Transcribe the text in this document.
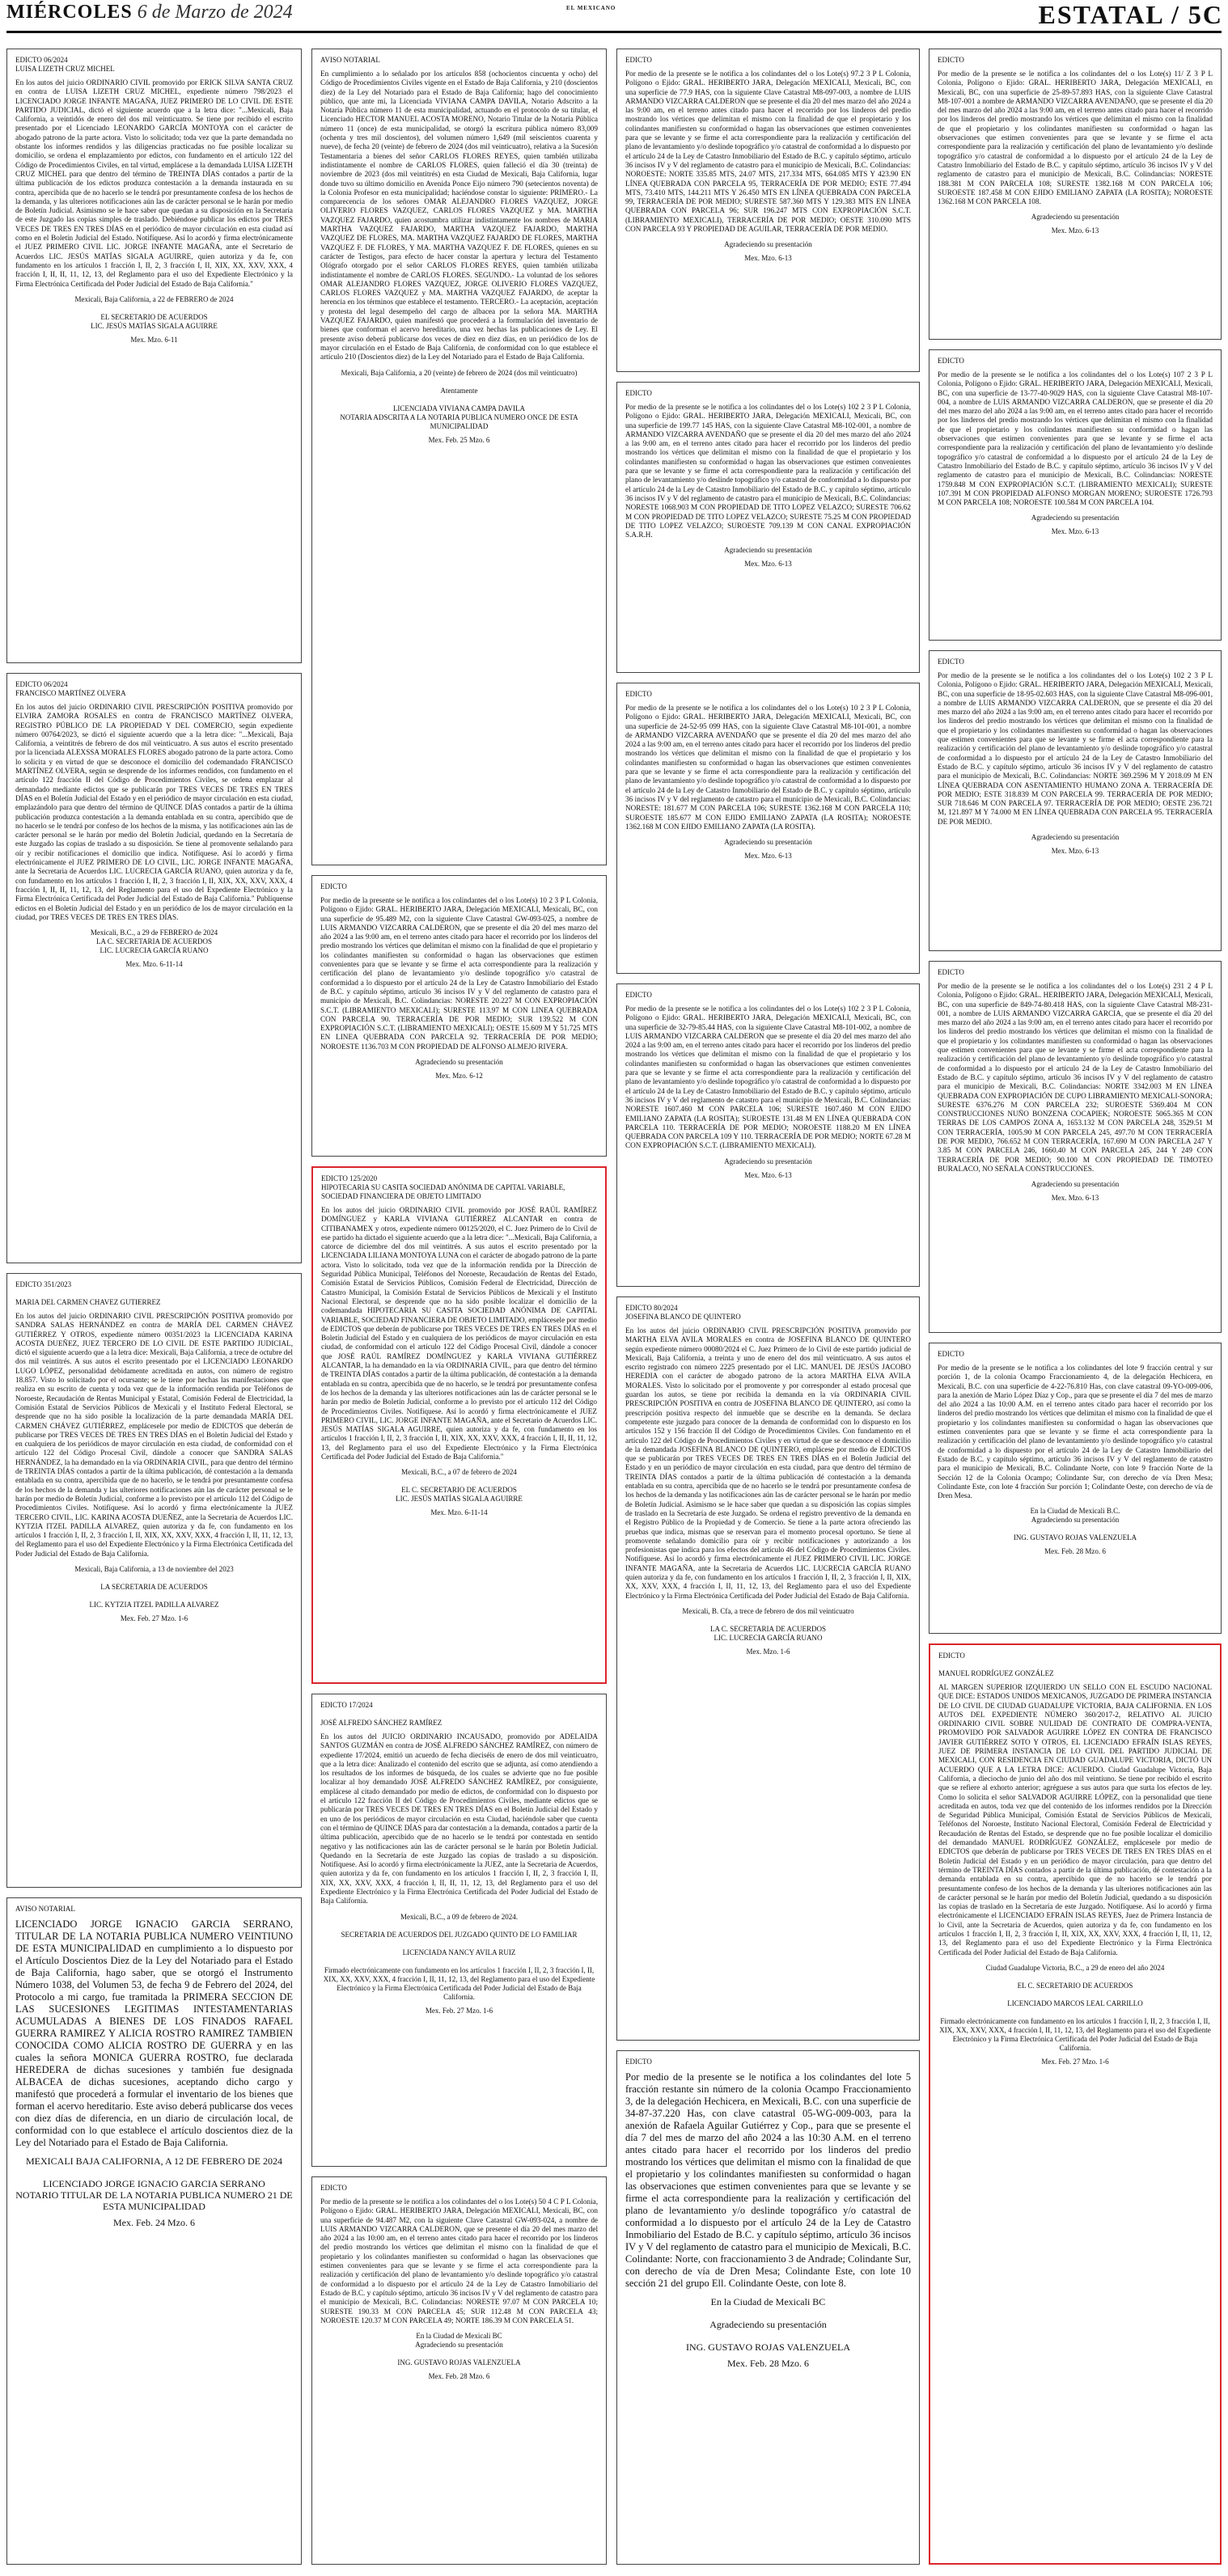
MIÉRCOLES 6 de Marzo de 2024	EL MEXICANO	ESTATAL / 5C
EDICTO 06/2024
LUISA LIZETH CRUZ MICHEL
En los autos del juicio ORDINARIO CIVIL promovido por ERICK SILVA SANTA CRUZ en contra de LUISA LIZETH CRUZ MICHEL, expediente número 798/2023 el LICENCIADO JORGE INFANTE MAGAÑA, JUEZ PRIMERO DE LO CIVIL DE ESTE PARTIDO JUDICIAL, dictó el siguiente acuerdo que a la letra dice: "...Mexicali, Baja California, a veintidós de enero del dos mil veinticuatro. Se tiene por recibido el escrito presentado por el Licenciado LEONARDO GARCÍA MONTOYA con el carácter de abogado patrono de la parte actora. Visto lo solicitado; toda vez que la parte demandada no obstante los informes rendidos y las diligencias practicadas no fue posible localizar su domicilio, se ordena el emplazamiento por edictos, con fundamento en el artículo 122 del Código de Procedimientos Civiles, en tal virtud, emplácese a la demandada LUISA LIZETH CRUZ MICHEL para que dentro del término de TREINTA DÍAS contados a partir de la última publicación de los edictos produzca contestación a la demanda instaurada en su contra, apercibida que de no hacerlo se le tendrá por presuntamente confesa de los hechos de la demanda, y las ulteriores notificaciones aún las de carácter personal se le harán por medio de Boletín Judicial. Asimismo se le hace saber que quedan a su disposición en la Secretaría de este Juzgado las copias simples de traslado. Debiéndose publicar los edictos por TRES VECES DE TRES EN TRES DÍAS en el periódico de mayor circulación en esta ciudad así como en el Boletín Judicial del Estado. Notifíquese. Así lo acordó y firma electrónicamente el JUEZ PRIMERO CIVIL LIC. JORGE INFANTE MAGAÑA, ante el Secretario de Acuerdos LIC. JESÚS MATÍAS SIGALA AGUIRRE, quien autoriza y da fe, con fundamento en los artículos 1 fracción I, II, 2, 3 fracción I, II, XIX, XX, XXV, XXX, 4 fracción I, II, II, 11, 12, 13, del Reglamento para el uso del Expediente Electrónico y la Firma Electrónica Certificada del Poder Judicial del Estado de Baja California."
Mexicali, Baja California, a 22 de FEBRERO de 2024

EL SECRETARIO DE ACUERDOS
LIC. JESÚS MATÍAS SIGALA AGUIRRE
Mex. Mzo. 6-11
EDICTO 06/2024
FRANCISCO MARTÍNEZ OLVERA
En los autos del juicio ORDINARIO CIVIL PRESCRIPCIÓN POSITIVA promovido por ELVIRA ZAMORA ROSALES en contra de FRANCISCO MARTÍNEZ OLVERA, REGISTRO PÚBLICO DE LA PROPIEDAD Y DEL COMERCIO, según expediente número 00764/2023, se dictó el siguiente acuerdo que a la letra dice: "...Mexicali, Baja California, a veintitrés de febrero de dos mil veinticuatro. A sus autos el escrito presentado por la licenciada ALEXSSA MORALES FLORES abogado patrono de la parte actora. Como lo solicita y en virtud de que se desconoce el domicilio del codemandado FRANCISCO MARTÍNEZ OLVERA, según se desprende de los informes rendidos, con fundamento en el artículo 122 fracción II del Código de Procedimientos Civiles, se ordena emplazar al demandado mediante edictos que se publicarán por TRES VECES DE TRES EN TRES DÍAS en el Boletín Judicial del Estado y en el periódico de mayor circulación en esta ciudad, emplazándolo para que dentro del término de QUINCE DÍAS contados a partir de la última publicación produzca contestación a la demanda entablada en su contra, apercibido que de no hacerlo se le tendrá por confeso de los hechos de la misma, y las notificaciones aún las de carácter personal se le harán por medio del Boletín Judicial, quedando en la Secretaría de este Juzgado las copias de traslado a su disposición. Se tiene al promovente señalando para oír y recibir notificaciones el domicilio que indica. Notifíquese. Así lo acordó y firma electrónicamente el JUEZ PRIMERO DE LO CIVIL, LIC. JORGE INFANTE MAGAÑA, ante la Secretaria de Acuerdos LIC. LUCRECIA GARCÍA RUANO, quien autoriza y da fe, con fundamento en los artículos 1 fracción I, II, 2, 3 fracción I, II, XIX, XX, XXV, XXX, 4 fracción I, II, II, 11, 12, 13, del Reglamento para el uso del Expediente Electrónico y la Firma Electrónica Certificada del Poder Judicial del Estado de Baja California." Publíquense edictos en el Boletín Judicial del Estado y en un periódico de los de mayor circulación en la ciudad, por TRES VECES DE TRES EN TRES DÍAS.
Mexicali, B.C., a 29 de FEBRERO de 2024
LA C. SECRETARIA DE ACUERDOS
LIC. LUCRECIA GARCÍA RUANO
Mex. Mzo. 6-11-14
EDICTO 351/2023

MARIA DEL CARMEN CHAVEZ GUTIERREZ
En los autos del juicio ORDINARIO CIVIL PRESCRIPCIÓN POSITIVA promovido por SANDRA SALAS HERNÁNDEZ en contra de MARÍA DEL CARMEN CHÁVEZ GUTIÉRREZ Y OTROS, expediente número 00351/2023 la LICENCIADA KARINA ACOSTA DUEÑEZ, JUEZ TERCERO DE LO CIVIL DE ESTE PARTIDO JUDICIAL, dictó el siguiente acuerdo que a la letra dice: Mexicali, Baja California, a trece de octubre del dos mil veintitrés. A sus autos el escrito presentado por el LICENCIADO LEONARDO LUGO LÓPEZ, personalidad debidamente acreditada en autos, con número de registro 18.857. Visto lo solicitado por el ocursante; se le tiene por hechas las manifestaciones que realiza en su escrito de cuenta y toda vez que de la información rendida por Teléfonos de Noroeste, Recaudación de Rentas Municipal y Estatal, Comisión Federal de Electricidad, la Comisión Estatal de Servicios Públicos de Mexicali y el Instituto Federal Electoral, se desprende que no ha sido posible la localización de la parte demandada MARÍA DEL CARMEN CHÁVEZ GUTIÉRREZ, emplácesele por medio de EDICTOS que deberán de publicarse por TRES VECES DE TRES EN TRES DÍAS en el Boletín Judicial del Estado y en cualquiera de los periódicos de mayor circulación en esta ciudad, de conformidad con el artículo 122 del Código Procesal Civil, dándole a conocer que SANDRA SALAS HERNÁNDEZ, la ha demandado en la vía ORDINARIA CIVIL, para que dentro del término de TREINTA DÍAS contados a partir de la última publicación, dé contestación a la demanda entablada en su contra, apercibida que de no hacerlo, se le tendrá por presuntamente confesa de los hechos de la demanda y las ulteriores notificaciones aún las de carácter personal se le harán por medio de Boletín Judicial, conforme a lo previsto por el artículo 112 del Código de Procedimientos Civiles. Notifíquese. Así lo acordó y firma electrónicamente la JUEZ TERCERO CIVIL, LIC. KARINA ACOSTA DUEÑEZ, ante la Secretaria de Acuerdos LIC. KYTZIA ITZEL PADILLA ALVAREZ, quien autoriza y da fe, con fundamento en los artículos 1 fracción I, II, 2, 3 fracción I, II, XIX, XX, XXV, XXX, 4 fracción I, II, 11, 12, 13, del Reglamento para el uso del Expediente Electrónico y la Firma Electrónica Certificada del Poder Judicial del Estado de Baja California.
Mexicali, Baja California, a 13 de noviembre del 2023

LA SECRETARIA DE ACUERDOS

LIC. KYTZIA ITZEL PADILLA ALVAREZ
Mex. Feb. 27 Mzo. 1-6
AVISO NOTARIAL
LICENCIADO JORGE IGNACIO GARCIA SERRANO, TITULAR DE LA NOTARIA PUBLICA NUMERO VEINTIUNO DE ESTA MUNICIPALIDAD en cumplimiento a lo dispuesto por el Artículo Doscientos Diez de la Ley del Notariado para el Estado de Baja California, hago saber, que se otorgó el Instrumento Número 1038, del Volumen 53, de fecha 9 de Febrero del 2024, del Protocolo a mi cargo, fue tramitada la PRIMERA SECCION DE LAS SUCESIONES LEGITIMAS INTESTAMENTARIAS ACUMULADAS A BIENES DE LOS FINADOS RAFAEL GUERRA RAMIREZ Y ALICIA ROSTRO RAMIREZ TAMBIEN CONOCIDA COMO ALICIA ROSTRO DE GUERRA y en las cuales la señora MONICA GUERRA ROSTRO, fue declarada HEREDERA de dichas sucesiones y también fue designada ALBACEA de dichas sucesiones, aceptando dicho cargo y manifestó que procederá a formular el inventario de los bienes que forman el acervo hereditario. Este aviso deberá publicarse dos veces con diez días de diferencia, en un diario de circulación local, de conformidad con lo que establece el artículo doscientos diez de la Ley del Notariado para el Estado de Baja California.
MEXICALI BAJA CALIFORNIA, A 12 DE FEBRERO DE 2024

LICENCIADO JORGE IGNACIO GARCIA SERRANO
NOTARIO TITULAR DE LA NOTARIA PUBLICA NUMERO 21 DE ESTA MUNICIPALIDAD
Mex. Feb. 24 Mzo. 6
AVISO NOTARIAL
En cumplimiento a lo señalado por los artículos 858 (ochocientos cincuenta y ocho) del Código de Procedimientos Civiles vigente en el Estado de Baja California, y 210 (doscientos diez) de la Ley del Notariado para el Estado de Baja California; hago del conocimiento público, que ante mí, la Licenciada VIVIANA CAMPA DAVILA, Notario Adscrito a la Notaría Pública número 11 de esta municipalidad, actuando en el protocolo de su titular, el Licenciado HECTOR MANUEL ACOSTA MORENO, Notario Titular de la Notaría Pública número 11 (once) de esta municipalidad, se otorgó la escritura pública número 83,009 (ochenta y tres mil doscientos), del volumen número 1,649 (mil seiscientos cuarenta y nueve), de fecha 20 (veinte) de febrero de 2024 (dos mil veinticuatro), relativa a la Sucesión Testamentaria a bienes del señor CARLOS FLORES REYES, quien también utilizaba indistintamente el nombre de CARLOS FLORES, quien falleció el día 30 (treinta) de noviembre de 2023 (dos mil veintitrés) en esta Ciudad de Mexicali, Baja California, lugar donde tuvo su último domicilio en Avenida Ponce Eijo número 790 (setecientos noventa) de la Colonia Profesor en esta municipalidad; haciéndose constar lo siguiente: PRIMERO.- La comparecencia de los señores OMAR ALEJANDRO FLORES VAZQUEZ, JORGE OLIVERIO FLORES VAZQUEZ, CARLOS FLORES VAZQUEZ y MA. MARTHA VAZQUEZ FAJARDO, quien acostumbra utilizar indistintamente los nombres de MARIA MARTHA VAZQUEZ FAJARDO, MARTHA VAZQUEZ FAJARDO, MARTHA VAZQUEZ DE FLORES, MA. MARTHA VAZQUEZ FAJARDO DE FLORES, MARTHA VAZQUEZ F. DE FLORES, Y MA. MARTHA VAZQUEZ F. DE FLORES, quienes en su carácter de Testigos, para efecto de hacer constar la apertura y lectura del Testamento Ológrafo otorgado por el señor CARLOS FLORES REYES, quien también utilizaba indistintamente el nombre de CARLOS FLORES. SEGUNDO.- La voluntad de los señores OMAR ALEJANDRO FLORES VAZQUEZ, JORGE OLIVERIO FLORES VAZQUEZ, CARLOS FLORES VAZQUEZ y MA. MARTHA VAZQUEZ FAJARDO, de aceptar la herencia en los términos que establece el testamento. TERCERO.- La aceptación, aceptación y protesta del legal desempeño del cargo de albacea por la señora MA. MARTHA VAZQUEZ FAJARDO, quien manifestó que procederá a la formulación del inventario de bienes que conforman el acervo hereditario, una vez hechas las publicaciones de Ley. El presente aviso deberá publicarse dos veces de diez en diez días, en un periódico de los de mayor circulación en el Estado de Baja California, de conformidad con lo que establece el artículo 210 (Doscientos diez) de la Ley del Notariado para el Estado de Baja California.
Mexicali, Baja California, a 20 (veinte) de febrero de 2024 (dos mil veinticuatro)

Atentamente

LICENCIADA VIVIANA CAMPA DAVILA
NOTARIA ADSCRITA A LA NOTARIA PUBLICA NUMERO ONCE DE ESTA MUNICIPALIDAD
Mex. Feb. 25 Mzo. 6
EDICTO
Por medio de la presente se le notifica a los colindantes del o los Lote(s) 10 2 3 P L Colonia, Polígono o Ejido: GRAL. HERIBERTO JARA, Delegación MEXICALI, Mexicali, BC, con una superficie de 95.489 M2, con la siguiente Clave Catastral GW-093-025, a nombre de LUIS ARMANDO VIZCARRA CALDERON, que se presente el día 20 del mes marzo del año 2024 a las 9:00 am, en el terreno antes citado para hacer el recorrido por los linderos del predio mostrando los vértices que delimitan el mismo con la finalidad de que el propietario y los colindantes manifiesten su conformidad o hagan las observaciones que estimen convenientes para que se levante y se firme el acta correspondiente para la realización y certificación del plano de levantamiento y/o deslinde topográfico y/o catastral de conformidad a lo dispuesto por el artículo 24 de la Ley de Catastro Inmobiliario del Estado de B.C. y capítulo séptimo, artículo 36 incisos IV y V del reglamento de catastro para el municipio de Mexicali, B.C. Colindancias: NORESTE 20.227 M CON EXPROPIACIÓN S.C.T. (LIBRAMIENTO MEXICALI); SURESTE 113.97 M CON LINEA QUEBRADA CON PARCELA 90. TERRACERÍA DE POR MEDIO; SUR 139.522 M CON EXPROPIACIÓN S.C.T. (LIBRAMIENTO MEXICALI); OESTE 15.609 M Y 51.725 MTS EN LINEA QUEBRADA CON PARCELA 92. TERRACERÍA DE POR MEDIO; NOROESTE 1136.703 M CON PROPIEDAD DE ALFONSO ALMEJO RIVERA.
Agradeciendo su presentación
Mex. Mzo. 6-12
EDICTO 125/2020
HIPOTECARIA SU CASITA SOCIEDAD ANÓNIMA DE CAPITAL VARIABLE, SOCIEDAD FINANCIERA DE OBJETO LIMITADO
En los autos del juicio ORDINARIO CIVIL promovido por JOSÉ RAÚL RAMÍREZ DOMÍNGUEZ y KARLA VIVIANA GUTIÉRREZ ALCANTAR en contra de CITIBANAMEX y otros, expediente número 00125/2020, el C. Juez Primero de lo Civil de ese partido ha dictado el siguiente acuerdo que a la letra dice: "...Mexicali, Baja California, a catorce de diciembre del dos mil veintitrés. A sus autos el escrito presentado por la LICENCIADA LILIANA MONTOYA LUNA con el carácter de abogado patrono de la parte actora. Visto lo solicitado, toda vez que de la información rendida por la Dirección de Seguridad Pública Municipal, Teléfonos del Noroeste, Recaudación de Rentas del Estado, Comisión Estatal de Servicios Públicos, Comisión Federal de Electricidad, Dirección de Catastro Municipal, la Comisión Estatal de Servicios Públicos de Mexicali y el Instituto Nacional Electoral, se desprende que no ha sido posible localizar el domicilio de la codemandada HIPOTECARIA SU CASITA SOCIEDAD ANÓNIMA DE CAPITAL VARIABLE, SOCIEDAD FINANCIERA DE OBJETO LIMITADO, emplácesele por medio de EDICTOS que deberán de publicarse por TRES VECES DE TRES EN TRES DÍAS en el Boletín Judicial del Estado y en cualquiera de los periódicos de mayor circulación en esta ciudad, de conformidad con el artículo 122 del Código Procesal Civil, dándole a conocer que JOSÉ RAÚL RAMÍREZ DOMÍNGUEZ y KARLA VIVIANA GUTIÉRREZ ALCANTAR, la ha demandado en la vía ORDINARIA CIVIL, para que dentro del término de TREINTA DÍAS contados a partir de la última publicación, dé contestación a la demanda entablada en su contra, apercibida que de no hacerlo, se le tendrá por presuntamente confesa de los hechos de la demanda y las ulteriores notificaciones aún las de carácter personal se le harán por medio de Boletín Judicial, conforme a lo previsto por el artículo 112 del Código de Procedimientos Civiles. Notifíquese. Así lo acordó y firma electrónicamente el JUEZ PRIMERO CIVIL, LIC. JORGE INFANTE MAGAÑA, ante el Secretario de Acuerdos LIC. JESÚS MATÍAS SIGALA AGUIRRE, quien autoriza y da fe, con fundamento en los artículos 1 fracción I, II, 2, 3 fracción I, II, XIX, XX, XXV, XXX, 4 fracción I, II, II, 11, 12, 13, del Reglamento para el uso del Expediente Electrónico y la Firma Electrónica Certificada del Poder Judicial del Estado de Baja California."
Mexicali, B.C., a 07 de febrero de 2024

EL C. SECRETARIO DE ACUERDOS
LIC. JESÚS MATÍAS SIGALA AGUIRRE
Mex. Mzo. 6-11-14
EDICTO 17/2024

JOSÉ ALFREDO SÁNCHEZ RAMÍREZ
En los autos del JUICIO ORDINARIO INCAUSADO, promovido por ADELAIDA SANTOS GUZMÁN en contra de JOSÉ ALFREDO SÁNCHEZ RAMÍREZ, con número de expediente 17/2024, emitió un acuerdo de fecha dieciséis de enero de dos mil veinticuatro, que a la letra dice: Analizado el contenido del escrito que se adjunta, así como atendiendo a los resultados de los informes de búsqueda, de los cuales se advierte que no fue posible localizar al hoy demandado JOSÉ ALFREDO SÁNCHEZ RAMÍREZ, por consiguiente, emplácese al citado demandado por medio de edictos, de conformidad con lo dispuesto por el artículo 122 fracción II del Código de Procedimientos Civiles, mediante edictos que se publicarán por TRES VECES DE TRES EN TRES DÍAS en el Boletín Judicial del Estado y en uno de los periódicos de mayor circulación en esta Ciudad, haciéndole saber que cuenta con el término de QUINCE DÍAS para dar contestación a la demanda, contados a partir de la última publicación, apercibido que de no hacerlo se le tendrá por contestada en sentido negativo y las notificaciones aún las de carácter personal se le harán por Boletín Judicial. Quedando en la Secretaría de este Juzgado las copias de traslado a su disposición. Notifíquese. Así lo acordó y firma electrónicamente la JUEZ, ante la Secretaria de Acuerdos, quien autoriza y da fe, con fundamento en los artículos 1 fracción I, II, 2, 3 fracción I, II, XIX, XX, XXV, XXX, 4 fracción I, II, II, 11, 12, 13, del Reglamento para el uso del Expediente Electrónico y la Firma Electrónica Certificada del Poder Judicial del Estado de Baja California.
Mexicali, B.C., a 09 de febrero de 2024.

SECRETARIA DE ACUERDOS DEL JUZGADO QUINTO DE LO FAMILIAR

LICENCIADA NANCY AVILA RUIZ

Firmado electrónicamente con fundamento en los artículos 1 fracción I, II, 2, 3 fracción I, II, XIX, XX, XXV, XXX, 4 fracción I, II, 11, 12, 13, del Reglamento para el uso del Expediente Electrónico y la Firma Electrónica Certificada del Poder Judicial del Estado de Baja California.
Mex. Feb. 27 Mzo. 1-6
EDICTO
Por medio de la presente se le notifica a los colindantes del o los Lote(s) 50 4 C P L Colonia, Polígono o Ejido: GRAL. HERIBERTO JARA, Delegación MEXICALI, Mexicali, BC, con una superficie de 94.487 M2, con la siguiente Clave Catastral GW-093-024, a nombre de LUIS ARMANDO VIZCARRA CALDERON, que se presente el día 20 del mes marzo del año 2024 a las 10:00 am, en el terreno antes citado para hacer el recorrido por los linderos del predio mostrando los vértices que delimitan el mismo con la finalidad de que el propietario y los colindantes manifiesten su conformidad o hagan las observaciones que estimen convenientes para que se levante y se firme el acta correspondiente para la realización y certificación del plano de levantamiento y/o deslinde topográfico y/o catastral de conformidad a lo dispuesto por el artículo 24 de la Ley de Catastro Inmobiliario del Estado de B.C. y capítulo séptimo, artículo 36 incisos IV y V del reglamento de catastro para el municipio de Mexicali, B.C. Colindancias: NORESTE 97.07 M CON PARCELA 10; SURESTE 190.33 M CON PARCELA 45; SUR 112.48 M CON PARCELA 43; NOROESTE 120.37 M CON PARCELA 49; NORTE 186.39 M CON PARCELA 51.
En la Ciudad de Mexicali BC
Agradeciendo su presentación

ING. GUSTAVO ROJAS VALENZUELA
Mex. Feb. 28 Mzo. 6
EDICTO
Por medio de la presente se le notifica a los colindantes del o los Lote(s) 97.2 3 P L Colonia, Polígono o Ejido: GRAL. HERIBERTO JARA, Delegación MEXICALI, Mexicali, BC, con una superficie de 77.9 HAS, con la siguiente Clave Catastral M8-097-003, a nombre de LUIS ARMANDO VIZCARRA CALDERON que se presente el día 20 del mes marzo del año 2024 a las 9:00 am, en el terreno antes citado para hacer el recorrido por los linderos del predio mostrando los vértices que delimitan el mismo con la finalidad de que el propietario y los colindantes manifiesten su conformidad o hagan las observaciones que estimen convenientes para que se levante y se firme el acta correspondiente para la realización y certificación del plano de levantamiento y/o deslinde topográfico y/o catastral de conformidad a lo dispuesto por el artículo 24 de la Ley de Catastro Inmobiliario del Estado de B.C. y capítulo séptimo, artículo 36 incisos IV y V del reglamento de catastro para el municipio de Mexicali, B.C. Colindancias: NOROESTE: NORTE 335.85 MTS, 24.07 MTS, 217.334 MTS, 664.085 MTS Y 423.90 EN LÍNEA QUEBRADA CON PARCELA 95, TERRACERÍA DE POR MEDIO; ESTE 77.494 MTS, 73.410 MTS, 144.211 MTS Y 26.450 MTS EN LÍNEA QUEBRADA CON PARCELA 99, TERRACERÍA DE POR MEDIO; SURESTE 587.360 MTS Y 129.383 MTS EN LÍNEA QUEBRADA CON PARCELA 96; SUR 196.247 MTS CON EXPROPIACIÓN S.C.T. (LIBRAMIENTO MEXICALI), TERRACERÍA DE POR MEDIO; OESTE 310.090 MTS CON PARCELA 93 Y PROPIEDAD DE AGUILAR, TERRACERÍA DE POR MEDIO.
Agradeciendo su presentación
Mex. Mzo. 6-13
EDICTO
Por medio de la presente se le notifica a los colindantes del o los Lote(s) 102 2 3 P L Colonia, Polígono o Ejido: GRAL. HERIBERTO JARA, Delegación MEXICALI, Mexicali, BC, con una superficie de 199.77 145 HAS, con la siguiente Clave Catastral M8-102-001, a nombre de ARMANDO VIZCARRA AVENDAÑO que se presente el día 20 del mes marzo del año 2024 a las 9:00 am, en el terreno antes citado para hacer el recorrido por los linderos del predio mostrando los vértices que delimitan el mismo con la finalidad de que el propietario y los colindantes manifiesten su conformidad o hagan las observaciones que estimen convenientes para que se levante y se firme el acta correspondiente para la realización y certificación del plano de levantamiento y/o deslinde topográfico y/o catastral de conformidad a lo dispuesto por el artículo 24 de la Ley de Catastro Inmobiliario del Estado de B.C. y capítulo séptimo, artículo 36 incisos IV y V del reglamento de catastro para el municipio de Mexicali, B.C. Colindancias: NORESTE 1068.903 M CON PROPIEDAD DE TITO LOPEZ VELAZCO; SURESTE 706.62 M CON PROPIEDAD DE TITO LOPEZ VELAZCO; SURESTE 75.25 M CON PROPIEDAD DE TITO LOPEZ VELAZCO; SUROESTE 709.139 M CON CANAL EXPROPIACIÓN S.A.R.H.
Agradeciendo su presentación
Mex. Mzo. 6-13
EDICTO
Por medio de la presente se le notifica a los colindantes del o los Lote(s) 10 2 3 P L Colonia, Polígono o Ejido: GRAL. HERIBERTO JARA, Delegación MEXICALI, Mexicali, BC, con una superficie de 24-52-95 099 HAS, con la siguiente Clave Catastral M8-101-001, a nombre de ARMANDO VIZCARRA AVENDAÑO que se presente el día 20 del mes marzo del año 2024 a las 9:00 am, en el terreno antes citado para hacer el recorrido por los linderos del predio mostrando los vértices que delimitan el mismo con la finalidad de que el propietario y los colindantes manifiesten su conformidad o hagan las observaciones que estimen convenientes para que se levante y se firme el acta correspondiente para la realización y certificación del plano de levantamiento y/o deslinde topográfico y/o catastral de conformidad a lo dispuesto por el artículo 24 de la Ley de Catastro Inmobiliario del Estado de B.C. y capítulo séptimo, artículo 36 incisos IV y V del reglamento de catastro para el municipio de Mexicali, B.C. Colindancias: NORESTE: 181.677 M CON PARCELA 106; SURESTE 1362.168 M CON PARCELA 110; SUROESTE 185.677 M CON EJIDO EMILIANO ZAPATA (LA ROSITA); NOROESTE 1362.168 M CON EJIDO EMILIANO ZAPATA (LA ROSITA).
Agradeciendo su presentación
Mex. Mzo. 6-13
EDICTO
Por medio de la presente se le notifica a los colindantes del o los Lote(s) 102 2 3 P L Colonia, Polígono o Ejido: GRAL. HERIBERTO JARA, Delegación MEXICALI, Mexicali, BC, con una superficie de 32-79-85.44 HAS, con la siguiente Clave Catastral M8-101-002, a nombre de LUIS ARMANDO VIZCARRA CALDERON que se presente el día 20 del mes marzo del año 2024 a las 9:00 am, en el terreno antes citado para hacer el recorrido por los linderos del predio mostrando los vértices que delimitan el mismo con la finalidad de que el propietario y los colindantes manifiesten su conformidad o hagan las observaciones que estimen convenientes para que se levante y se firme el acta correspondiente para la realización y certificación del plano de levantamiento y/o deslinde topográfico y/o catastral de conformidad a lo dispuesto por el artículo 24 de la Ley de Catastro Inmobiliario del Estado de B.C. y capítulo séptimo, artículo 36 incisos IV y V del reglamento de catastro para el municipio de Mexicali, B.C. Colindancias: NORESTE 1607.460 M CON PARCELA 106; SURESTE 1607.460 M CON EJIDO EMILIANO ZAPATA (LA ROSITA); SUROESTE 131.48 M EN LÍNEA QUEBRADA CON PARCELA 110. TERRACERÍA DE POR MEDIO; NOROESTE 1188.20 M EN LÍNEA QUEBRADA CON PARCELA 109 Y 110. TERRACERÍA DE POR MEDIO; NORTE 67.28 M CON EXPROPIACIÓN S.C.T. (LIBRAMIENTO MEXICALI).
Agradeciendo su presentación
Mex. Mzo. 6-13
EDICTO 80/2024
JOSEFINA BLANCO DE QUINTERO
En los autos del juicio ORDINARIO CIVIL PRESCRIPCIÓN POSITIVA promovido por MARTHA ELVA AVILA MORALES en contra de JOSEFINA BLANCO DE QUINTERO según expediente número 00080/2024 el C. Juez Primero de lo Civil de este partido judicial de Mexicali, Baja California, a treinta y uno de enero del dos mil veinticuatro. A sus autos el escrito registrado con número 2225 presentado por el LIC. MANUEL DE JESÚS JACOBO HEREDIA con el carácter de abogado patrono de la actora MARTHA ELVA AVILA MORALES. Visto lo solicitado por el promovente y por corresponder al estado procesal que guardan los autos, se tiene por recibida la demanda en la vía ORDINARIA CIVIL PRESCRIPCIÓN POSITIVA en contra de JOSEFINA BLANCO DE QUINTERO, así como la prescripción positiva respecto del inmueble que se describe en la demanda. Se declara competente este juzgado para conocer de la demanda de conformidad con lo dispuesto en los artículos 152 y 156 fracción II del Código de Procedimientos Civiles. Con fundamento en el artículo 122 del Código de Procedimientos Civiles y en virtud de que se desconoce el domicilio de la demandada JOSEFINA BLANCO DE QUINTERO, emplácese por medio de EDICTOS que se publicarán por TRES VECES DE TRES EN TRES DÍAS en el Boletín Judicial del Estado y en un periódico de mayor circulación en esta ciudad, para que dentro del término de TREINTA DÍAS contados a partir de la última publicación dé contestación a la demanda entablada en su contra, apercibida que de no hacerlo se le tendrá por presuntamente confesa de los hechos de la demanda y las notificaciones aún las de carácter personal se le harán por medio de Boletín Judicial. Asimismo se le hace saber que quedan a su disposición las copias simples de traslado en la Secretaría de este Juzgado. Se ordena el registro preventivo de la demanda en el Registro Público de la Propiedad y de Comercio. Se tiene a la parte actora ofreciendo las pruebas que indica, mismas que se reservan para el momento procesal oportuno. Se tiene al promovente señalando domicilio para oír y recibir notificaciones y autorizando a los profesionistas que indica para los efectos del artículo 46 del Código de Procedimientos Civiles. Notifíquese. Así lo acordó y firma electrónicamente el JUEZ PRIMERO CIVIL LIC. JORGE INFANTE MAGAÑA, ante la Secretaria de Acuerdos LIC. LUCRECIA GARCÍA RUANO quien autoriza y da fe, con fundamento en los artículos 1 fracción I, II, 2, 3 fracción I, II, XIX, XX, XXV, XXX, 4 fracción I, II, 11, 12, 13, del Reglamento para el uso del Expediente Electrónico y la Firma Electrónica Certificada del Poder Judicial del Estado de Baja California.
Mexicali, B. Cfa, a trece de febrero de dos mil veinticuatro

LA C. SECRETARIA DE ACUERDOS
LIC. LUCRECIA GARCÍA RUANO
Mex. Mzo. 1-6
EDICTO
Por medio de la presente se le notifica a los colindantes del lote 5 fracción restante sin número de la colonia Ocampo Fraccionamiento 3, de la delegación Hechicera, en Mexicali, B.C. con una superficie de 34-87-37.220 Has, con clave catastral 05-WG-009-003, para la anexión de Rafaela Aguilar Gutiérrez y Cop., para que se presente el día 7 del mes de marzo del año 2024 a las 10:30 A.M. en el terreno antes citado para hacer el recorrido por los linderos del predio mostrando los vértices que delimitan el mismo con la finalidad de que el propietario y los colindantes manifiesten su conformidad o hagan las observaciones que estimen convenientes para que se levante y se firme el acta correspondiente para la realización y certificación del plano de levantamiento y/o deslinde topográfico y/o catastral de conformidad a lo dispuesto por el artículo 24 de la Ley de Catastro Inmobiliario del Estado de B.C. y capítulo séptimo, artículo 36 incisos IV y V del reglamento de catastro para el municipio de Mexicali, B.C. Colindante: Norte, con fraccionamiento 3 de Andrade; Colindante Sur, con derecho de vía de Dren Mesa; Colindante Este, con lote 10 sección 21 del grupo Ell. Colindante Oeste, con lote 8.
En la Ciudad de Mexicali BC

Agradeciendo su presentación

ING. GUSTAVO ROJAS VALENZUELA
Mex. Feb. 28 Mzo. 6
EDICTO
Por medio de la presente se le notifica a los colindantes del o los Lote(s) 11/ Z 3 P L Colonia, Polígono o Ejido: GRAL. HERIBERTO JARA, Delegación MEXICALI, en Mexicali, BC, con una superficie de 25-89-57.893 HAS, con la siguiente Clave Catastral M8-107-001 a nombre de ARMANDO VIZCARRA AVENDAÑO, que se presente el día 20 del mes marzo del año 2024 a las 9:00 am, en el terreno antes citado para hacer el recorrido por los linderos del predio mostrando los vértices que delimitan el mismo con la finalidad de que el propietario y los colindantes manifiesten su conformidad o hagan las observaciones que estimen convenientes para que se levante y se firme el acta correspondiente para la realización y certificación del plano de levantamiento y/o deslinde topográfico y/o catastral de conformidad a lo dispuesto por el artículo 24 de la Ley de Catastro Inmobiliario del Estado de B.C. y capítulo séptimo, artículo 36 incisos IV y V del reglamento de catastro para el municipio de Mexicali, B.C. Colindancias: NORESTE 188.381 M CON PARCELA 108; SURESTE 1382.168 M CON PARCELA 106; SUROESTE 187.458 M CON EJIDO EMILIANO ZAPATA (LA ROSITA); NOROESTE 1362.168 M CON PARCELA 108.
Agradeciendo su presentación
Mex. Mzo. 6-13
EDICTO
Por medio de la presente se le notifica a los colindantes del o los Lote(s) 107 2 3 P L Colonia, Polígono o Ejido: GRAL. HERIBERTO JARA, Delegación MEXICALI, Mexicali, BC, con una superficie de 13-77-40-9029 HAS, con la siguiente Clave Catastral M8-107-004, a nombre de LUIS ARMANDO VIZCARRA CALDERON, que se presente el día 20 del mes marzo del año 2024 a las 9:00 am, en el terreno antes citado para hacer el recorrido por los linderos del predio mostrando los vértices que delimitan el mismo con la finalidad de que el propietario y los colindantes manifiesten su conformidad o hagan las observaciones que estimen convenientes para que se levante y se firme el acta correspondiente para la realización y certificación del plano de levantamiento y/o deslinde topográfico y/o catastral de conformidad a lo dispuesto por el artículo 24 de la Ley de Catastro Inmobiliario del Estado de B.C. y capítulo séptimo, artículo 36 incisos IV y V del reglamento de catastro para el municipio de Mexicali, B.C. Colindancias: NORESTE 1759.848 M CON EXPROPIACIÓN S.C.T. (LIBRAMIENTO MEXICALI); SURESTE 107.391 M CON PROPIEDAD ALFONSO MORGAN MORENO; SUROESTE 1726.793 M CON PARCELA 108; NOROESTE 100.584 M CON PARCELA 104.
Agradeciendo su presentación
Mex. Mzo. 6-13
EDICTO
Por medio de la presente se le notifica a los colindantes del o los Lote(s) 102 2 3 P L Colonia, Polígono o Ejido: GRAL. HERIBERTO JARA, Delegación MEXICALI, Mexicali, BC, con una superficie de 18-95-02.603 HAS, con la siguiente Clave Catastral M8-096-001, a nombre de LUIS ARMANDO VIZCARRA CALDERON, que se presente el día 20 del mes marzo del año 2024 a las 9:00 am, en el terreno antes citado para hacer el recorrido por los linderos del predio mostrando los vértices que delimitan el mismo con la finalidad de que el propietario y los colindantes manifiesten su conformidad o hagan las observaciones que estimen convenientes para que se levante y se firme el acta correspondiente para la realización y certificación del plano de levantamiento y/o deslinde topográfico y/o catastral de conformidad a lo dispuesto por el artículo 24 de la Ley de Catastro Inmobiliario del Estado de B.C. y capítulo séptimo, artículo 36 incisos IV y V del reglamento de catastro para el municipio de Mexicali, B.C. Colindancias: NORTE 369.2596 M Y 2018.09 M EN LÍNEA QUEBRADA CON ASENTAMIENTO HUMANO ZONA A. TERRACERÍA DE POR MEDIO; ESTE 318.839 M CON PARCELA 99. TERRACERÍA DE POR MEDIO; SUR 718.646 M CON PARCELA 97. TERRACERÍA DE POR MEDIO; OESTE 236.721 M, 121.897 M Y 74.000 M EN LÍNEA QUEBRADA CON PARCELA 95. TERRACERÍA DE POR MEDIO.
Agradeciendo su presentación
Mex. Mzo. 6-13
EDICTO
Por medio de la presente se le notifica a los colindantes del o los Lote(s) 231 2 4 P L Colonia, Polígono o Ejido: GRAL. HERIBERTO JARA, Delegación MEXICALI, Mexicali, BC, con una superficie de 849-74-80.418 HAS, con la siguiente Clave Catastral M8-231-001, a nombre de LUIS ARMANDO VIZCARRA GARCIA, que se presente el día 20 del mes marzo del año 2024 a las 9:00 am, en el terreno antes citado para hacer el recorrido por los linderos del predio mostrando los vértices que delimitan el mismo con la finalidad de que el propietario y los colindantes manifiesten su conformidad o hagan las observaciones que estimen convenientes para que se levante y se firme el acta correspondiente para la realización y certificación del plano de levantamiento y/o deslinde topográfico y/o catastral de conformidad a lo dispuesto por el artículo 24 de la Ley de Catastro Inmobiliario del Estado de B.C. y capítulo séptimo, artículo 36 incisos IV y V del reglamento de catastro para el municipio de Mexicali, B.C. Colindancias: NORTE 3342.003 M EN LÍNEA QUEBRADA CON EXPROPIACIÓN DE CUPO LIBRAMIENTO MEXICALI-SONORA; SURESTE 6376.276 M CON PARCELA 232; SUROESTE 5369.404 M CON CONSTRUCCIONES NUÑO BONZENA COCAPIEK; NOROESTE 5065.365 M CON TERRAS DE LOS CAMPOS ZONA A, 1653.132 M CON PARCELA 248, 3529.51 M CON TERRACERÍA, 1005.90 M CON PARCELA 245, 497.70 M CON TERRACERÍA DE POR MEDIO, 766.652 M CON TERRACERÍA, 167.690 M CON PARCELA 247 Y 3.85 M CON PARCELA 246, 1660.40 M CON PARCELA 245, 244 Y 249 CON TERRACERÍA DE POR MEDIO; 90.100 M CON PROPIEDAD DE TIMOTEO BURALACO, NO SEÑALA CONSTRUCCIONES.
Agradeciendo su presentación
Mex. Mzo. 6-13
EDICTO
Por medio de la presente se le notifica a los colindantes del lote 9 fracción central y sur porción 1, de la colonia Ocampo Fraccionamiento 4, de la delegación Hechicera, en Mexicali, B.C. con una superficie de 4-22-76.810 Has, con clave catastral 09-YO-009-006, para la anexión de Mario López Díaz y Cop., para que se presente el día 7 del mes de marzo del año 2024 a las 10:00 A.M. en el terreno antes citado para hacer el recorrido por los linderos del predio mostrando los vértices que delimitan el mismo con la finalidad de que el propietario y los colindantes manifiesten su conformidad o hagan las observaciones que estimen convenientes para que se levante y se firme el acta correspondiente para la realización y certificación del plano de levantamiento y/o deslinde topográfico y/o catastral de conformidad a lo dispuesto por el artículo 24 de la Ley de Catastro Inmobiliario del Estado de B.C. y capítulo séptimo, artículo 36 incisos IV y V del reglamento de catastro para el municipio de Mexicali, B.C. Colindante Norte, con lote 9 fracción Norte de la Sección 12 de la Colonia Ocampo; Colindante Sur, con derecho de vía Dren Mesa; Colindante Este, con lote 4 fracción Sur porción 1; Colindante Oeste, con derecho de vía de Dren Mesa.
En la Ciudad de Mexicali B.C.
Agradeciendo su presentación

ING. GUSTAVO ROJAS VALENZUELA
Mex. Feb. 28 Mzo. 6
EDICTO

MANUEL RODRÍGUEZ GONZÁLEZ
AL MARGEN SUPERIOR IZQUIERDO UN SELLO CON EL ESCUDO NACIONAL QUE DICE: ESTADOS UNIDOS MEXICANOS, JUZGADO DE PRIMERA INSTANCIA DE LO CIVIL DE CIUDAD GUADALUPE VICTORIA, BAJA CALIFORNIA. EN LOS AUTOS DEL EXPEDIENTE NÚMERO 360/2017-2, RELATIVO AL JUICIO ORDINARIO CIVIL SOBRE NULIDAD DE CONTRATO DE COMPRA-VENTA, PROMOVIDO POR SALVADOR AGUIRRE LÓPEZ EN CONTRA DE FRANCISCO JAVIER GUTIÉRREZ SOTO Y OTROS, EL LICENCIADO EFRAÍN ISLAS REYES, JUEZ DE PRIMERA INSTANCIA DE LO CIVIL DEL PARTIDO JUDICIAL DE MEXICALI, CON RESIDENCIA EN CIUDAD GUADALUPE VICTORIA, DICTÓ UN ACUERDO QUE A LA LETRA DICE: ACUERDO. Ciudad Guadalupe Victoria, Baja California, a dieciocho de junio del año dos mil veintiuno. Se tiene por recibido el escrito que se refiere al exhorto anterior; agréguese a sus autos para que surta los efectos de ley. Como lo solicita el señor SALVADOR AGUIRRE LÓPEZ, con la personalidad que tiene acreditada en autos, toda vez que del contenido de los informes rendidos por la Dirección de Seguridad Pública Municipal, Comisión Estatal de Servicios Públicos de Mexicali, Teléfonos del Noroeste, Instituto Nacional Electoral, Comisión Federal de Electricidad y Recaudación de Rentas del Estado, se desprende que no fue posible localizar el domicilio del demandado MANUEL RODRÍGUEZ GONZÁLEZ, emplácesele por medio de EDICTOS que deberán de publicarse por TRES VECES DE TRES EN TRES DÍAS en el Boletín Judicial del Estado y en un periódico de mayor circulación, para que dentro del término de TREINTA DÍAS contados a partir de la última publicación, dé contestación a la demanda entablada en su contra, apercibido que de no hacerlo se le tendrá por presuntamente confeso de los hechos de la demanda y las ulteriores notificaciones aún las de carácter personal se le harán por medio del Boletín Judicial, quedando a su disposición las copias de traslado en la Secretaría de este Juzgado. Notifíquese. Así lo acordó y firma electrónicamente el LICENCIADO EFRAÍN ISLAS REYES, Juez de Primera Instancia de lo Civil, ante la Secretaria de Acuerdos, quien autoriza y da fe, con fundamento en los artículos 1 fracción I, II, 2, 3 fracción I, II, XIX, XX, XXV, XXX, 4 fracción I, II, 11, 12, 13, del Reglamento para el uso del Expediente Electrónico y la Firma Electrónica Certificada del Poder Judicial del Estado de Baja California.
Ciudad Guadalupe Victoria, B.C., a 29 de enero del año 2024

EL C. SECRETARIO DE ACUERDOS

LICENCIADO MARCOS LEAL CARRILLO

Firmado electrónicamente con fundamento en los artículos 1 fracción I, II, 2, 3 fracción I, II, XIX, XX, XXV, XXX, 4 fracción I, II, 11, 12, 13, del Reglamento para el uso del Expediente Electrónico y la Firma Electrónica Certificada del Poder Judicial del Estado de Baja California.
Mex. Feb. 27 Mzo. 1-6
